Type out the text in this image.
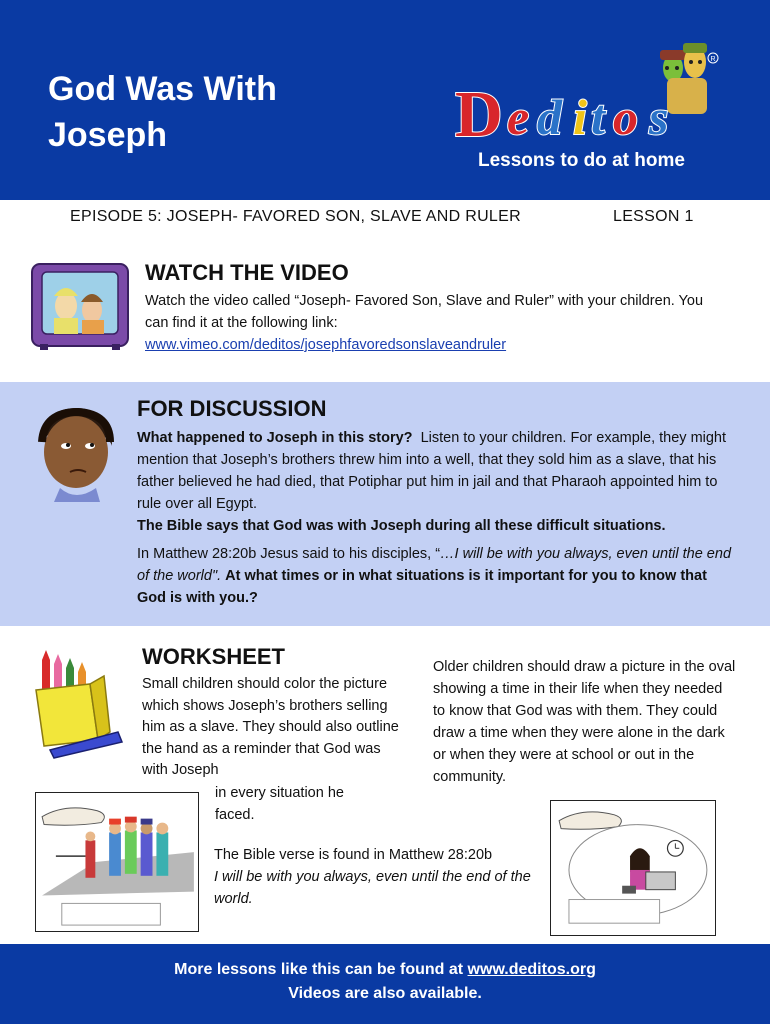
God Was With
Joseph
R
D e d i t o s
Lessons to do at home
EPISODE 5: JOSEPH- FAVORED SON, SLAVE AND RULER	LESSON 1
WATCH THE VIDEO
Watch the video called “Joseph- Favored Son, Slave and Ruler” with your children. You can find it at the following link:
www.vimeo.com/deditos/josephfavoredsonslaveandruler
FOR DISCUSSION

What happened to Joseph in this story? Listen to your children. For example, they might mention that Joseph’s brothers threw him into a well, that they sold him as a slave, that his father believed he had died, that Potiphar put him in jail and that Pharaoh appointed him to rule over all Egypt.
The Bible says that God was with Joseph during all these difficult situations.

In Matthew 28:20b Jesus said to his disciples, “…I will be with you always, even until the end of the world". At what times or in what situations is it important for you to know that God is with you.?

WORKSHEET
Small children should color the picture which shows Joseph’s brothers selling him as a slave. They should also outline the hand as a reminder that God was with Joseph
in every situation he faced.
Older children should draw a picture in the oval showing a time in their life when they needed to know that God was with them. They could draw a time when they were alone in the dark or when they were at school or out in the community.
The Bible verse is found in Matthew 28:20b
I will be with you always, even until the end of the world.
More lessons like this can be found at www.deditos.org
Videos are also available.
